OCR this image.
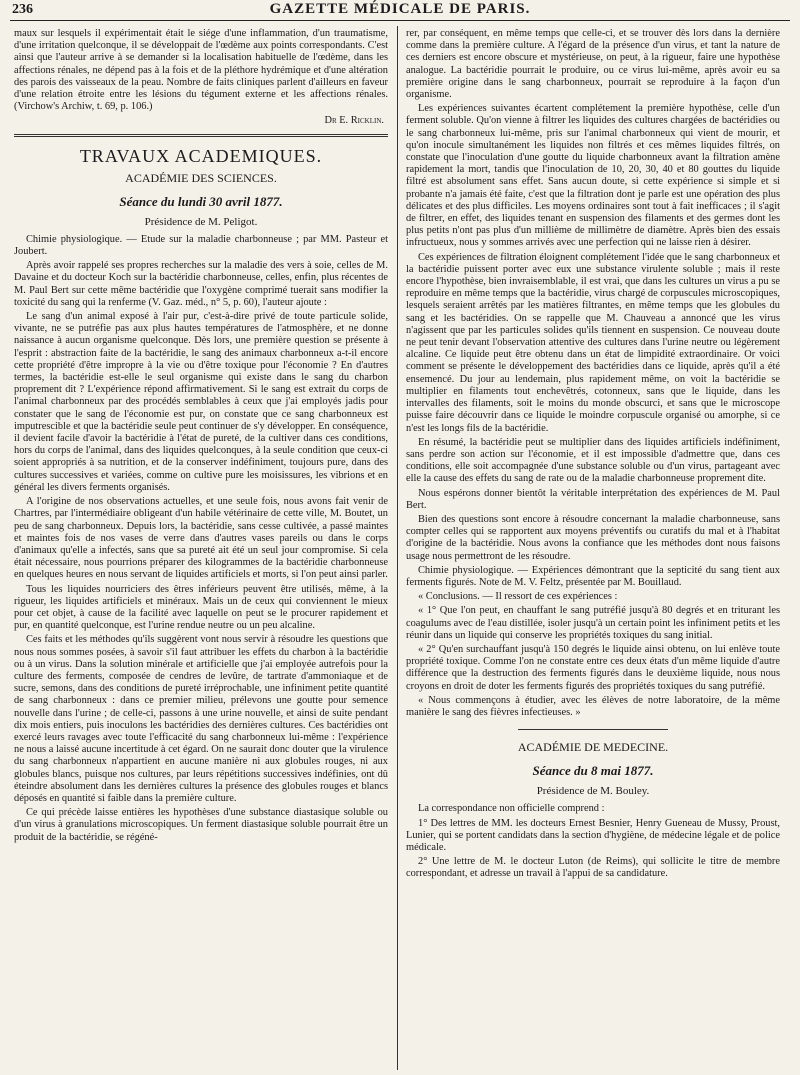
236	GAZETTE MÉDICALE DE PARIS.

maux sur lesquels il expérimentait était le siége d'une inflammation, d'un traumatisme, d'une irritation quelconque, il se développait de l'œdème aux points correspondants. C'est ainsi que l'auteur arrive à se demander si la localisation habituelle de l'œdème, dans les affections rénales, ne dépend pas à la fois et de la pléthore hydrémique et d'une altération des parois des vaisseaux de la peau. Nombre de faits cliniques parlent d'ailleurs en faveur d'une relation étroite entre les lésions du tégument externe et les affections rénales. (Virchow's Archiw, t. 69, p. 106.)

Dr E. Ricklin.
TRAVAUX ACADEMIQUES.
ACADÉMIE DES SCIENCES.
Séance du lundi 30 avril 1877.
Présidence de M. Peligot.

Chimie physiologique. — Etude sur la maladie charbonneuse ; par MM. Pasteur et Joubert.

Après avoir rappelé ses propres recherches sur la maladie des vers à soie, celles de M. Davaine et du docteur Koch sur la bactéridie charbonneuse, celles, enfin, plus récentes de M. Paul Bert sur cette même bactéridie que l'oxygène comprimé tuerait sans modifier la toxicité du sang qui la renferme (V. Gaz. méd., n° 5, p. 60), l'auteur ajoute :

Le sang d'un animal exposé à l'air pur, c'est-à-dire privé de toute particule solide, vivante, ne se putréfie pas aux plus hautes températures de l'atmosphère, et ne donne naissance à aucun organisme quelconque. Dès lors, une première question se présente à l'esprit : abstraction faite de la bactéridie, le sang des animaux charbonneux a-t-il encore cette propriété d'être impropre à la vie ou d'être toxique pour l'économie ? En d'autres termes, la bactéridie est-elle le seul organisme qui existe dans le sang du charbon proprement dit ? L'expérience répond affirmativement. Si le sang est extrait du corps de l'animal charbonneux par des procédés semblables à ceux que j'ai employés jadis pour constater que le sang de l'économie est pur, on constate que ce sang charbonneux est imputrescible et que la bactéridie seule peut continuer de s'y développer. En conséquence, il devient facile d'avoir la bactéridie à l'état de pureté, de la cultiver dans ces conditions, hors du corps de l'animal, dans des liquides quelconques, à la seule condition que ceux-ci soient appropriés à sa nutrition, et de la conserver indéfiniment, toujours pure, dans des cultures successives et variées, comme on cultive pure les moisissures, les vibrions et en général les divers ferments organisés.

A l'origine de nos observations actuelles, et une seule fois, nous avons fait venir de Chartres, par l'intermédiaire obligeant d'un habile vétérinaire de cette ville, M. Boutet, un peu de sang charbonneux. Depuis lors, la bactéridie, sans cesse cultivée, a passé maintes et maintes fois de nos vases de verre dans d'autres vases pareils ou dans le corps d'animaux qu'elle a infectés, sans que sa pureté ait été un seul jour compromise. Si cela était nécessaire, nous pourrions préparer des kilogrammes de la bactéridie charbonneuse en quelques heures en nous servant de liquides artificiels et morts, si l'on peut ainsi parler.

Tous les liquides nourriciers des êtres inférieurs peuvent être utilisés, même, à la rigueur, les liquides artificiels et minéraux. Mais un de ceux qui conviennent le mieux pour cet objet, à cause de la facilité avec laquelle on peut se le procurer rapidement et pur, en quantité quelconque, est l'urine rendue neutre ou un peu alcaline.

Ces faits et les méthodes qu'ils suggèrent vont nous servir à résoudre les questions que nous nous sommes posées, à savoir s'il faut attribuer les effets du charbon à la bactéridie ou à un virus. Dans la solution minérale et artificielle que j'ai employée autrefois pour la culture des ferments, composée de cendres de levûre, de tartrate d'ammoniaque et de sucre, semons, dans des conditions de pureté irréprochable, une infiniment petite quantité de sang charbonneux : dans ce premier milieu, prélevons une goutte pour semence nouvelle dans l'urine ; de celle-ci, passons à une urine nouvelle, et ainsi de suite pendant dix mois entiers, puis inoculons les bactéridies des dernières cultures. Ces bactéridies ont exercé leurs ravages avec toute l'efficacité du sang charbonneux lui-même : l'expérience ne nous a laissé aucune incertitude à cet égard. On ne saurait donc douter que la virulence du sang charbonneux n'appartient en aucune manière ni aux globules rouges, ni aux globules blancs, puisque nos cultures, par leurs répétitions successives indéfinies, ont dû éteindre absolument dans les dernières cultures la présence des globules rouges et blancs déposés en quantité si faible dans la première culture.

Ce qui précède laisse entières les hypothèses d'une substance diastasique soluble ou d'un virus à granulations microscopiques. Un ferment diastasique soluble pourrait être un produit de la bactéridie, se régéné-

rer, par conséquent, en même temps que celle-ci, et se trouver dès lors dans la dernière comme dans la première culture. A l'égard de la présence d'un virus, et tant la nature de ces derniers est encore obscure et mystérieuse, on peut, à la rigueur, faire une hypothèse analogue. La bactéridie pourrait le produire, ou ce virus lui-même, après avoir eu sa première origine dans le sang charbonneux, pourrait se reproduire à la façon d'un organisme.

Les expériences suivantes écartent complétement la première hypothèse, celle d'un ferment soluble. Qu'on vienne à filtrer les liquides des cultures chargées de bactéridies ou le sang charbonneux lui-même, pris sur l'animal charbonneux qui vient de mourir, et qu'on inocule simultanément les liquides non filtrés et ces mêmes liquides filtrés, on constate que l'inoculation d'une goutte du liquide charbonneux avant la filtration amène rapidement la mort, tandis que l'inoculation de 10, 20, 30, 40 et 80 gouttes du liquide filtré est absolument sans effet. Sans aucun doute, si cette expérience si simple et si probante n'a jamais été faite, c'est que la filtration dont je parle est une opération des plus délicates et des plus difficiles. Les moyens ordinaires sont tout à fait inefficaces ; il s'agit de filtrer, en effet, des liquides tenant en suspension des filaments et des germes dont les plus petits n'ont pas plus d'un millième de millimètre de diamètre. Après bien des essais infructueux, nous y sommes arrivés avec une perfection qui ne laisse rien à désirer.

Ces expériences de filtration éloignent complétement l'idée que le sang charbonneux et la bactéridie puissent porter avec eux une substance virulente soluble ; mais il reste encore l'hypothèse, bien invraisemblable, il est vrai, que dans les cultures un virus a pu se reproduire en même temps que la bactéridie, virus chargé de corpuscules microscopiques, lesquels seraient arrêtés par les matières filtrantes, en même temps que les globules du sang et les bactéridies. On se rappelle que M. Chauveau a annoncé que les virus n'agissent que par les particules solides qu'ils tiennent en suspension. Ce nouveau doute ne peut tenir devant l'observation attentive des cultures dans l'urine neutre ou légèrement alcaline. Ce liquide peut être obtenu dans un état de limpidité extraordinaire. Or voici comment se présente le développement des bactéridies dans ce liquide, après qu'il a été ensemencé. Du jour au lendemain, plus rapidement même, on voit la bactéridie se multiplier en filaments tout enchevêtrés, cotonneux, sans que le liquide, dans les intervalles des filaments, soit le moins du monde obscurci, et sans que le microscope puisse faire découvrir dans ce liquide le moindre corpuscule organisé ou amorphe, si ce n'est les longs fils de la bactéridie.

En résumé, la bactéridie peut se multiplier dans des liquides artificiels indéfiniment, sans perdre son action sur l'économie, et il est impossible d'admettre que, dans ces conditions, elle soit accompagnée d'une substance soluble ou d'un virus, partageant avec elle la cause des effets du sang de rate ou de la maladie charbonneuse proprement dite.

Nous espérons donner bientôt la véritable interprétation des expériences de M. Paul Bert.

Bien des questions sont encore à résoudre concernant la maladie charbonneuse, sans compter celles qui se rapportent aux moyens préventifs ou curatifs du mal et à l'habitat d'origine de la bactéridie. Nous avons la confiance que les méthodes dont nous faisons usage nous permettront de les résoudre.

Chimie physiologique. — Expériences démontrant que la septicité du sang tient aux ferments figurés. Note de M. V. Feltz, présentée par M. Bouillaud.

« Conclusions. — Il ressort de ces expériences :

« 1° Que l'on peut, en chauffant le sang putréfié jusqu'à 80 degrés et en triturant les coagulums avec de l'eau distillée, isoler jusqu'à un certain point les infiniment petits et les réunir dans un liquide qui conserve les propriétés toxiques du sang initial.

« 2° Qu'en surchauffant jusqu'à 150 degrés le liquide ainsi obtenu, on lui enlève toute propriété toxique. Comme l'on ne constate entre ces deux états d'un même liquide d'autre différence que la destruction des ferments figurés dans le deuxième liquide, nous nous croyons en droit de doter les ferments figurés des propriétés toxiques du sang putréfié.

« Nous commençons à étudier, avec les élèves de notre laboratoire, de la même manière le sang des fièvres infectieuses. »

ACADÉMIE DE MEDECINE.
Séance du 8 mai 1877.
Présidence de M. Bouley.

La correspondance non officielle comprend :

1° Des lettres de MM. les docteurs Ernest Besnier, Henry Gueneau de Mussy, Proust, Lunier, qui se portent candidats dans la section d'hygiène, de médecine légale et de police médicale.

2° Une lettre de M. le docteur Luton (de Reims), qui sollicite le titre de membre correspondant, et adresse un travail à l'appui de sa candidature.
